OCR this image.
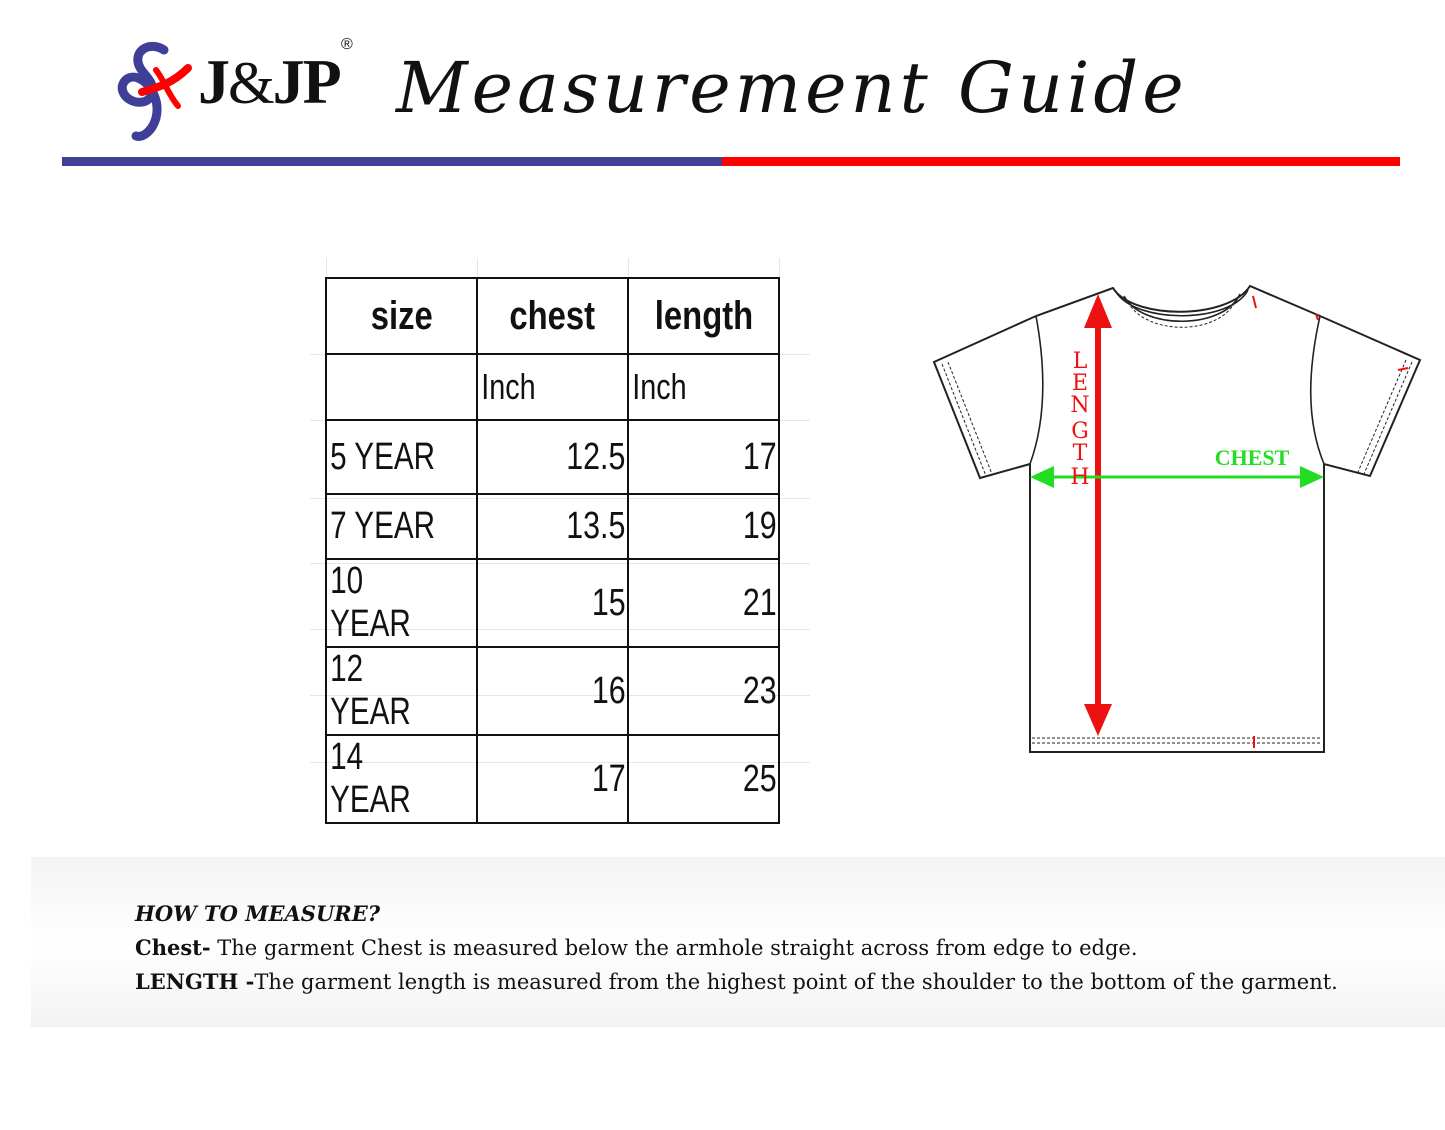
J&JP
®
Measurement Guide
size	chest	length
	Inch	Inch
5 YEAR	12.5	17
7 YEAR	13.5	19
10 YEAR	15	21
12 YEAR	16	23
14 YEAR	17	25
L
E
N
G
T
H
CHEST
HOW TO MEASURE?
Chest- The garment Chest is measured below the armhole straight across from edge to edge.
LENGTH -The garment length is measured from the highest point of the shoulder to the bottom of the garment.
